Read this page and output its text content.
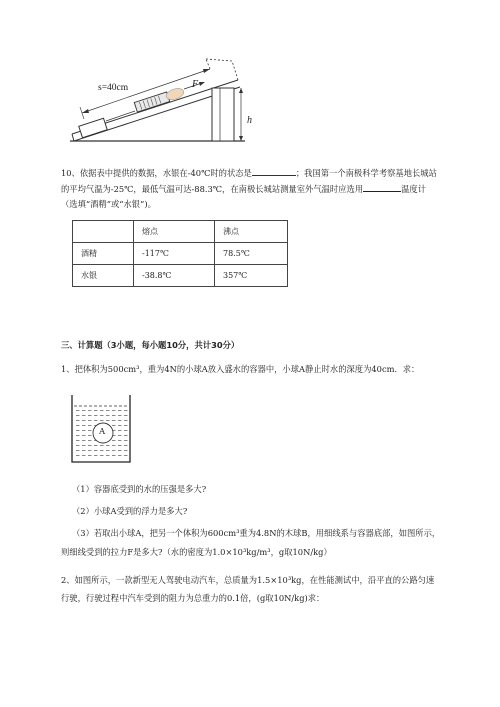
s=40cm	F
h
10、依据表中提供的数据，水银在-40℃时的状态是	；我国第一个南极科学考察基地长城站
的平均气温为-25℃，最低气温可达-88.3℃，在南极长城站测量室外气温时应选用	温度计
（选填“酒精”或“水银”)。
	熔点	沸点
酒精	-117℃	78.5℃
水银	-38.8℃	357℃
三、计算题（3小题，每小题10分，共计30分）
1、把体积为500cm³，重为4N的小球A放入盛水的容器中，小球A静止时水的深度为40cm．求：
A
（1）容器底受到的水的压强是多大?
（2）小球A受到的浮力是多大?
（3）若取出小球A，把另一个体积为600cm³重为4.8N的木球B，用细线系与容器底部，如图所示，
则细线受到的拉力F是多大?（水的密度为1.0×10³kg/m³，g取10N/kg）
2、如图所示，一款新型无人驾驶电动汽车，总质量为1.5×10³kg，在性能测试中，沿平直的公路匀速
行驶，行驶过程中汽车受到的阻力为总重力的0.1倍，(g取10N/kg)求：
